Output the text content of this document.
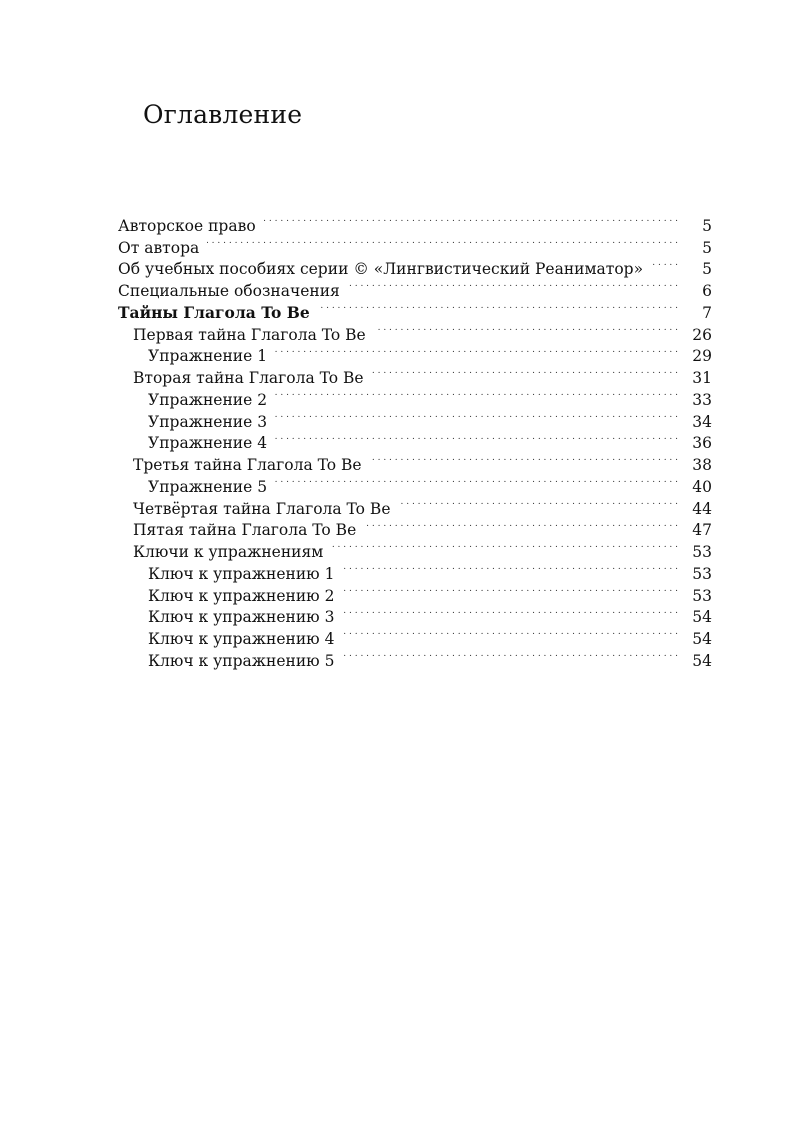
Оглавление
Авторское право . . .	5
От автора . . .	5
Об учебных пособиях серии © «Лингвистический Реаниматор» . . .	5
Специальные обозначения . . .	6
Тайны Глагола To Be . . .	7
Первая тайна Глагола To Be . . .	26
Упражнение 1 . . .	29
Вторая тайна Глагола To Be . . .	31
Упражнение 2 . . .	33
Упражнение 3 . . .	34
Упражнение 4 . . .	36
Третья тайна Глагола To Be . . .	38
Упражнение 5 . . .	40
Четвёртая тайна Глагола To Be . . .	44
Пятая тайна Глагола To Be . . .	47
Ключи к упражнениям . . .	53
Ключ к упражнению 1 . . .	53
Ключ к упражнению 2 . . .	53
Ключ к упражнению 3 . . .	54
Ключ к упражнению 4 . . .	54
Ключ к упражнению 5 . . .	54
